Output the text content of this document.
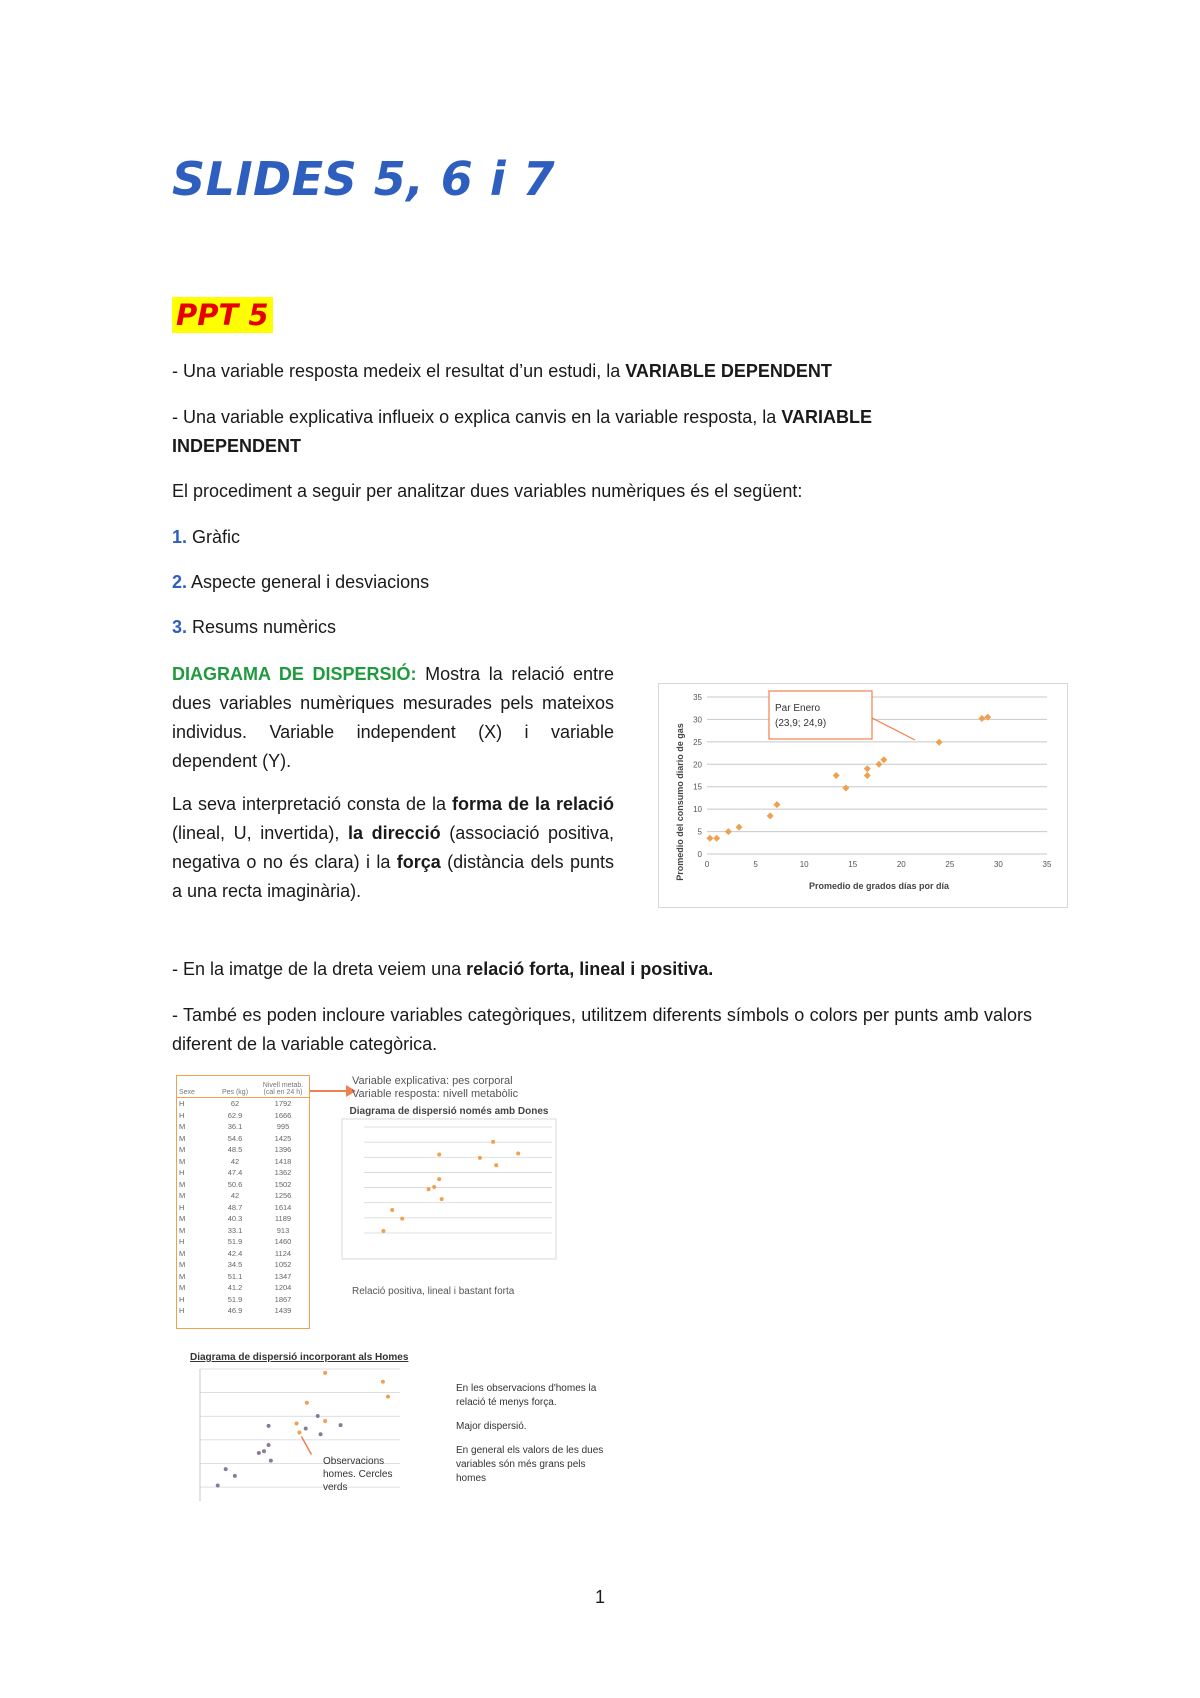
SLIDES 5, 6 i 7
PPT 5

- Una variable resposta medeix el resultat d’un estudi, la VARIABLE DEPENDENT

- Una variable explicativa influeix o explica canvis en la variable resposta, la VARIABLE
INDEPENDENT

El procediment a seguir per analitzar dues variables numèriques és el següent:

1. Gràfic

2. Aspecte general i desviacions

3. Resums numèrics

DIAGRAMA DE DISPERSIÓ: Mostra la relació entre dues variables numèriques mesurades pels mateixos individus. Variable independent (X) i variable dependent (Y).

La seva interpretació consta de la forma de la relació (lineal, U, invertida), la direcció (associació positiva, negativa o no és clara) i la força (distància dels punts a una recta imaginària).

Promedio del consumo diario de gas
Promedio de grados días por día
0
5
10
15
20
25
30
35
0	5	10	15	20	25	30	35
Par Enero
(23,9; 24,9)

- En la imatge de la dreta veiem una relació forta, lineal i positiva.

- També es poden incloure variables categòriques, utilitzem diferents símbols o colors per punts amb valors diferent de la variable categòrica.

Sexe	Pes (kg)
Nivell metab. (cal en 24 h)
H	62	1792
H	62.9	1666
M	36.1	995
M	54.6	1425
M	48.5	1396
M	42	1418
H	47.4	1362
M	50.6	1502
M	42	1256
H	48.7	1614
M	40.3	1189
M	33.1	913
H	51.9	1460
M	42.4	1124
M	34.5	1052
M	51.1	1347
M	41.2	1204
H	51.9	1867
H	46.9	1439
Variable explicativa: pes corporal
Variable resposta: nivell metabòlic
Diagrama de dispersió només amb Dones
Relació positiva, lineal i bastant forta
Diagrama de dispersió incorporant als Homes
Observacions homes. Cercles verds
En les observacions d'homes la relació té menys força.
Major dispersió.
En general els valors de les dues variables són més grans pels homes
1
